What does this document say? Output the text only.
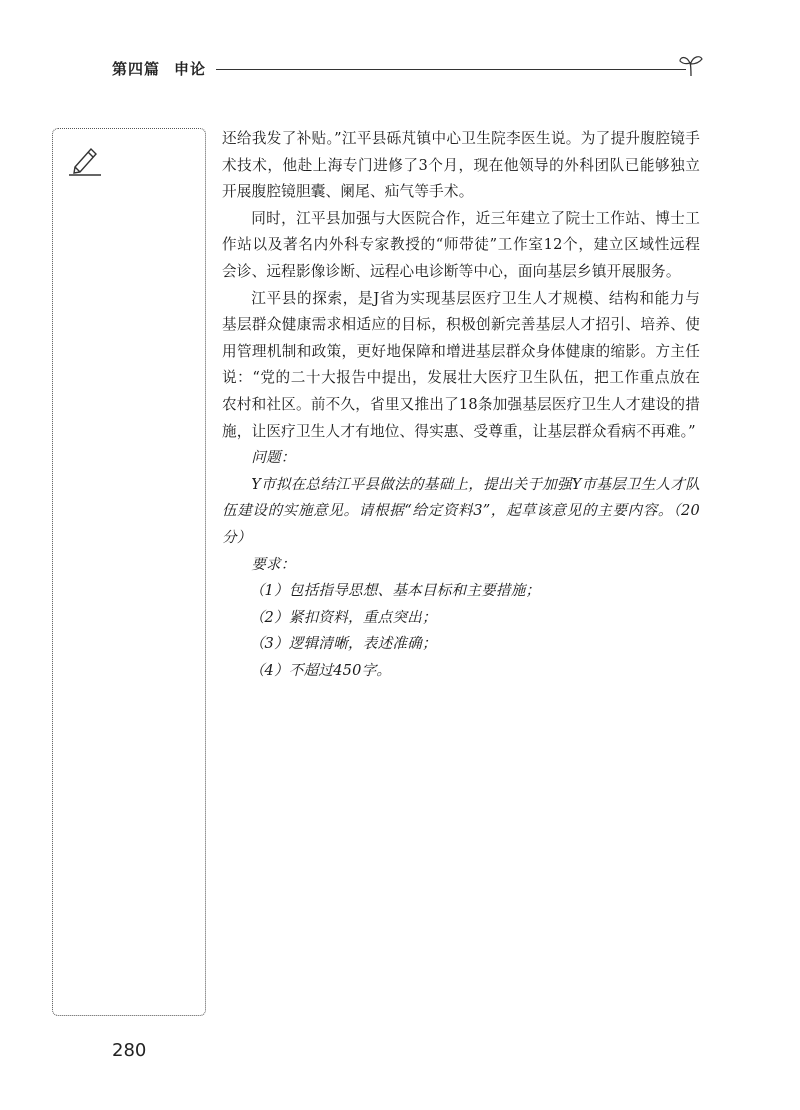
第四篇 申论

还给我发了补贴。”江平县砾芃镇中心卫生院李医生说。为了提升腹腔镜手术技术，他赴上海专门进修了3个月，现在他领导的外科团队已能够独立开展腹腔镜胆囊、阑尾、疝气等手术。

同时，江平县加强与大医院合作，近三年建立了院士工作站、博士工作站以及著名内外科专家教授的“师带徒”工作室12个，建立区域性远程会诊、远程影像诊断、远程心电诊断等中心，面向基层乡镇开展服务。

江平县的探索，是J省为实现基层医疗卫生人才规模、结构和能力与基层群众健康需求相适应的目标，积极创新完善基层人才招引、培养、使用管理机制和政策，更好地保障和增进基层群众身体健康的缩影。方主任说：“党的二十大报告中提出，发展壮大医疗卫生队伍，把工作重点放在农村和社区。前不久，省里又推出了18条加强基层医疗卫生人才建设的措施，让医疗卫生人才有地位、得实惠、受尊重，让基层群众看病不再难。”

问题：

Y市拟在总结江平县做法的基础上，提出关于加强Y市基层卫生人才队伍建设的实施意见。请根据“给定资料3”，起草该意见的主要内容。（20分）

要求：

（1）包括指导思想、基本目标和主要措施；

（2）紧扣资料，重点突出；

（3）逻辑清晰，表述准确；

（4）不超过450字。

280
